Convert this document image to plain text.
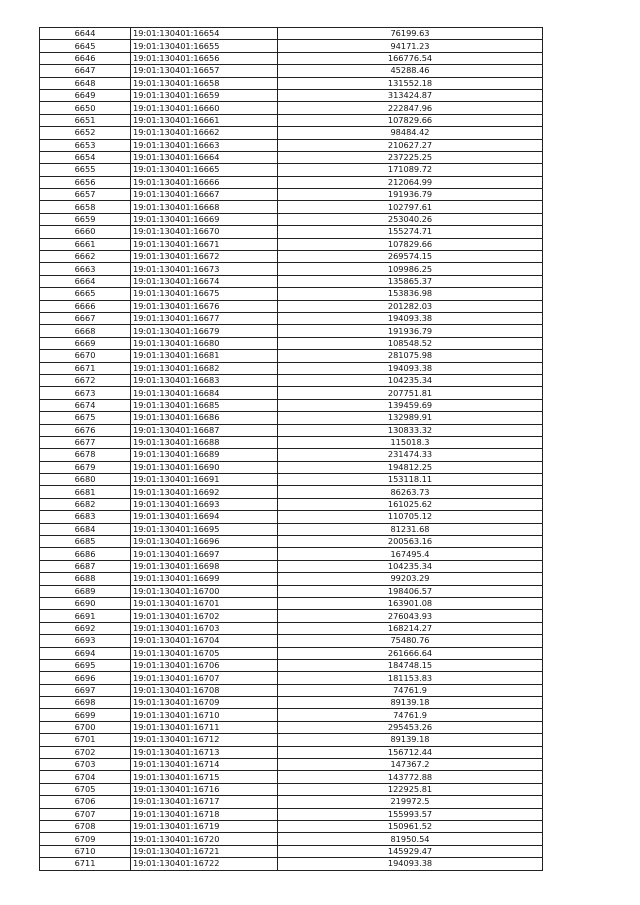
6644	19:01:130401:16654	76199.63
6645	19:01:130401:16655	94171.23
6646	19:01:130401:16656	166776.54
6647	19:01:130401:16657	45288.46
6648	19:01:130401:16658	131552.18
6649	19:01:130401:16659	313424.87
6650	19:01:130401:16660	222847.96
6651	19:01:130401:16661	107829.66
6652	19:01:130401:16662	98484.42
6653	19:01:130401:16663	210627.27
6654	19:01:130401:16664	237225.25
6655	19:01:130401:16665	171089.72
6656	19:01:130401:16666	212064.99
6657	19:01:130401:16667	191936.79
6658	19:01:130401:16668	102797.61
6659	19:01:130401:16669	253040.26
6660	19:01:130401:16670	155274.71
6661	19:01:130401:16671	107829.66
6662	19:01:130401:16672	269574.15
6663	19:01:130401:16673	109986.25
6664	19:01:130401:16674	135865.37
6665	19:01:130401:16675	153836.98
6666	19:01:130401:16676	201282.03
6667	19:01:130401:16677	194093.38
6668	19:01:130401:16679	191936.79
6669	19:01:130401:16680	108548.52
6670	19:01:130401:16681	281075.98
6671	19:01:130401:16682	194093.38
6672	19:01:130401:16683	104235.34
6673	19:01:130401:16684	207751.81
6674	19:01:130401:16685	139459.69
6675	19:01:130401:16686	132989.91
6676	19:01:130401:16687	130833.32
6677	19:01:130401:16688	115018.3
6678	19:01:130401:16689	231474.33
6679	19:01:130401:16690	194812.25
6680	19:01:130401:16691	153118.11
6681	19:01:130401:16692	86263.73
6682	19:01:130401:16693	161025.62
6683	19:01:130401:16694	110705.12
6684	19:01:130401:16695	81231.68
6685	19:01:130401:16696	200563.16
6686	19:01:130401:16697	167495.4
6687	19:01:130401:16698	104235.34
6688	19:01:130401:16699	99203.29
6689	19:01:130401:16700	198406.57
6690	19:01:130401:16701	163901.08
6691	19:01:130401:16702	276043.93
6692	19:01:130401:16703	168214.27
6693	19:01:130401:16704	75480.76
6694	19:01:130401:16705	261666.64
6695	19:01:130401:16706	184748.15
6696	19:01:130401:16707	181153.83
6697	19:01:130401:16708	74761.9
6698	19:01:130401:16709	89139.18
6699	19:01:130401:16710	74761.9
6700	19:01:130401:16711	295453.26
6701	19:01:130401:16712	89139.18
6702	19:01:130401:16713	156712.44
6703	19:01:130401:16714	147367.2
6704	19:01:130401:16715	143772.88
6705	19:01:130401:16716	122925.81
6706	19:01:130401:16717	219972.5
6707	19:01:130401:16718	155993.57
6708	19:01:130401:16719	150961.52
6709	19:01:130401:16720	81950.54
6710	19:01:130401:16721	145929.47
6711	19:01:130401:16722	194093.38
